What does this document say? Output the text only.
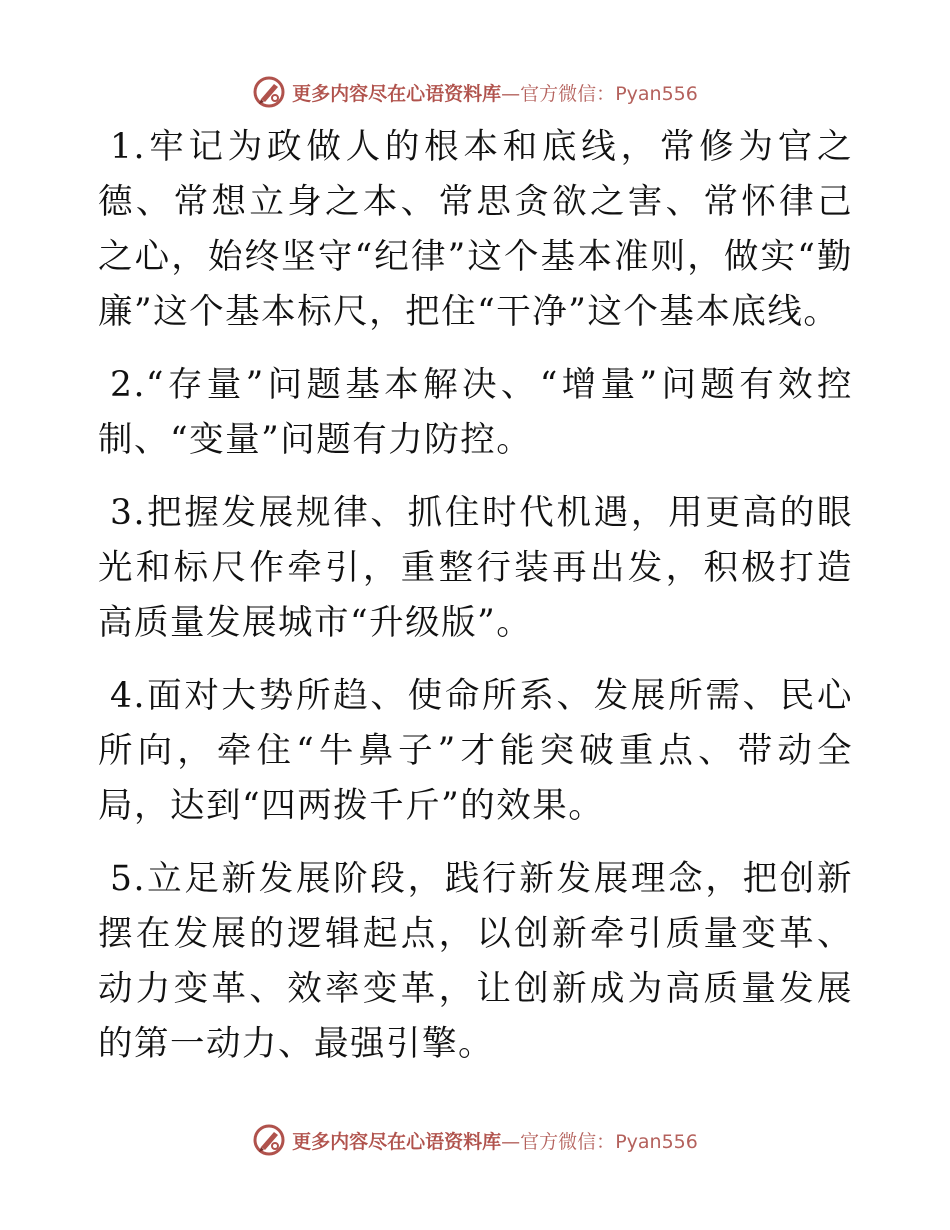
更多内容尽在心语资料库—官方微信：Pyan556

1.牢记为政做人的根本和底线，常修为官之德、常想立身之本、常思贪欲之害、常怀律己之心，始终坚守“纪律”这个基本准则，做实“勤廉”这个基本标尺，把住“干净”这个基本底线。

2.“存量”问题基本解决、“增量”问题有效控制、“变量”问题有力防控。

3.把握发展规律、抓住时代机遇，用更高的眼光和标尺作牵引，重整行装再出发，积极打造高质量发展城市“升级版”。

4.面对大势所趋、使命所系、发展所需、民心所向，牵住“牛鼻子”才能突破重点、带动全局，达到“四两拨千斤”的效果。

5.立足新发展阶段，践行新发展理念，把创新摆在发展的逻辑起点，以创新牵引质量变革、动力变革、效率变革，让创新成为高质量发展的第一动力、最强引擎。

更多内容尽在心语资料库—官方微信：Pyan556
